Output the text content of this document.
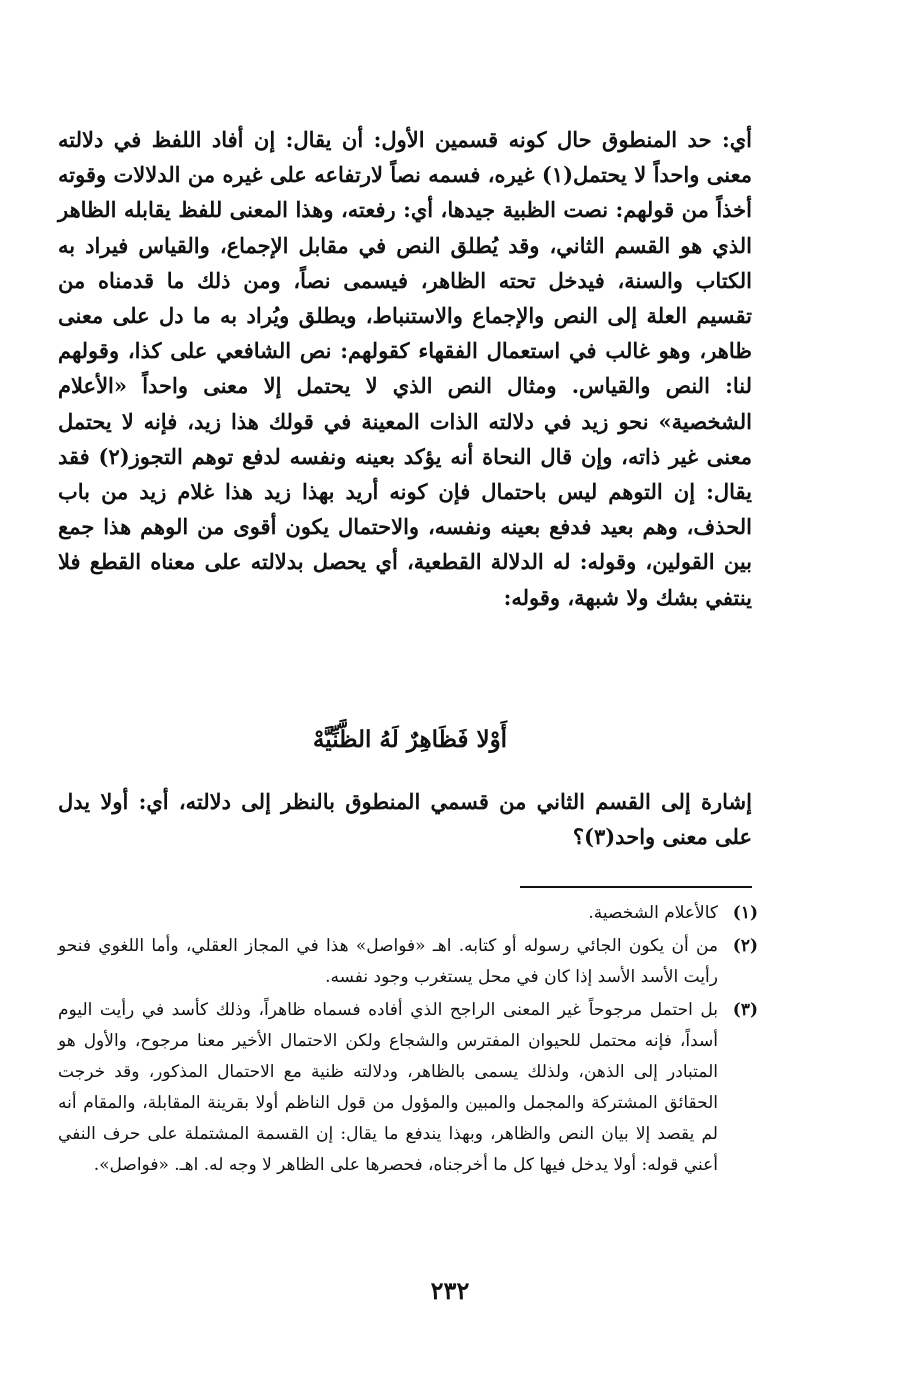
أي: حد المنطوق حال كونه قسمين الأول: أن يقال: إن أفاد اللفظ في دلالته معنى واحداً لا يحتمل(١) غيره، فسمه نصاً لارتفاعه على غيره من الدلالات وقوته أخذاً من قولهم: نصت الظبية جيدها، أي: رفعته، وهذا المعنى للفظ يقابله الظاهر الذي هو القسم الثاني، وقد يُطلق النص في مقابل الإجماع، والقياس فيراد به الكتاب والسنة، فيدخل تحته الظاهر، فيسمى نصاً، ومن ذلك ما قدمناه من تقسيم العلة إلى النص والإجماع والاستنباط، ويطلق ويُراد به ما دل على معنى ظاهر، وهو غالب في استعمال الفقهاء كقولهم: نص الشافعي على كذا، وقولهم لنا: النص والقياس. ومثال النص الذي لا يحتمل إلا معنى واحداً «الأعلام الشخصية» نحو زيد في دلالته الذات المعينة في قولك هذا زيد، فإنه لا يحتمل معنى غير ذاته، وإن قال النحاة أنه يؤكد بعينه ونفسه لدفع توهم التجوز(٢) فقد يقال: إن التوهم ليس باحتمال فإن كونه أريد بهذا زيد هذا غلام زيد من باب الحذف، وهم بعيد فدفع بعينه ونفسه، والاحتمال يكون أقوى من الوهم هذا جمع بين القولين، وقوله: له الدلالة القطعية، أي يحصل بدلالته على معناه القطع فلا ينتفي بشك ولا شبهة، وقوله:

أَوْلا فَظَاهِرٌ لَهُ الظَّنِّيَّهْ

إشارة إلى القسم الثاني من قسمي المنطوق بالنظر إلى دلالته، أي: أولا يدل على معنى واحد(٣)؟

(١)
كالأعلام الشخصية.
(٢)
من أن يكون الجائي رسوله أو كتابه. اهـ «فواصل» هذا في المجاز العقلي، وأما اللغوي فنحو رأيت الأسد الأسد إذا كان في محل يستغرب وجود نفسه.
(٣)
بل احتمل مرجوحاً غير المعنى الراجح الذي أفاده فسماه ظاهراً، وذلك كأسد في رأيت اليوم أسداً، فإنه محتمل للحيوان المفترس والشجاع ولكن الاحتمال الأخير معنا مرجوح، والأول هو المتبادر إلى الذهن، ولذلك يسمى بالظاهر، ودلالته ظنية مع الاحتمال المذكور، وقد خرجت الحقائق المشتركة والمجمل والمبين والمؤول من قول الناظم أولا بقرينة المقابلة، والمقام أنه لم يقصد إلا بيان النص والظاهر، وبهذا يندفع ما يقال: إن القسمة المشتملة على حرف النفي أعني قوله: أولا يدخل فيها كل ما أخرجناه، فحصرها على الظاهر لا وجه له. اهـ. «فواصل».
٢٣٢
